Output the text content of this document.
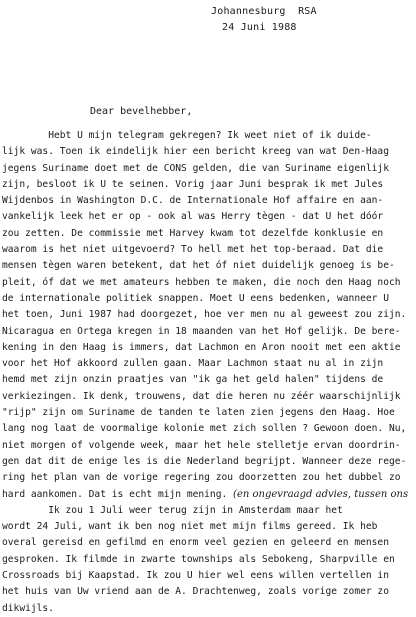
Johannesburg  RSA
24 Juni 1988
Dear bevelhebber,
Hebt U mijn telegram gekregen? Ik weet niet of ik duide-
lijk was. Toen ik eindelijk hier een bericht kreeg van wat Den-Haag
jegens Suriname doet met de CONS gelden, die van Suriname eigenlijk
zijn, besloot ik U te seinen. Vorig jaar Juni besprak ik met Jules
Wijdenbos in Washington D.C. de Internationale Hof affaire en aan-
vankelijk leek het er op - ook al was Herry tègen - dat U het dóór
zou zetten. De commissie met Harvey kwam tot dezelfde konklusie en
waarom is het niet uitgevoerd? To hell met het top-beraad. Dat die
mensen tègen waren betekent, dat het óf niet duidelijk genoeg is be-
pleit, óf dat we met amateurs hebben te maken, die noch den Haag noch
de internationale politiek snappen. Moet U eens bedenken, wanneer U
het toen, Juni 1987 had doorgezet, hoe ver men nu al geweest zou zijn.
Nicaragua en Ortega kregen in 18 maanden van het Hof gelijk. De bere-
kening in den Haag is immers, dat Lachmon en Aron nooit met een aktie
voor het Hof akkoord zullen gaan. Maar Lachmon staat nu al in zijn
hemd met zijn onzin praatjes van "ik ga het geld halen" tijdens de
verkiezingen. Ik denk, trouwens, dat die heren nu zéér waarschijnlijk
"rijp" zijn om Suriname de tanden te laten zien jegens den Haag. Hoe
lang nog laat de voormalige kolonie met zich sollen ? Gewoon doen. Nu,
niet morgen of volgende week, maar het hele stelletje ervan doordrin-
gen dat dit de enige les is die Nederland begrijpt. Wanneer deze rege-
ring het plan van de vorige regering zou doorzetten zou het dubbel zo
hard aankomen. Dat is echt mijn mening. (en ongevraagd advies, tussen ons
Ik zou 1 Juli weer terug zijn in Amsterdam maar het
wordt 24 Juli, want ik ben nog niet met mijn films gereed. Ik heb
overal gereisd en gefilmd en enorm veel gezien en geleerd en mensen
gesproken. Ik filmde in zwarte townships als Sebokeng, Sharpville en
Crossroads bij Kaapstad. Ik zou U hier wel eens willen vertellen in
het huis van Uw vriend aan de A. Drachtenweg, zoals vorige zomer zo
dikwijls.
